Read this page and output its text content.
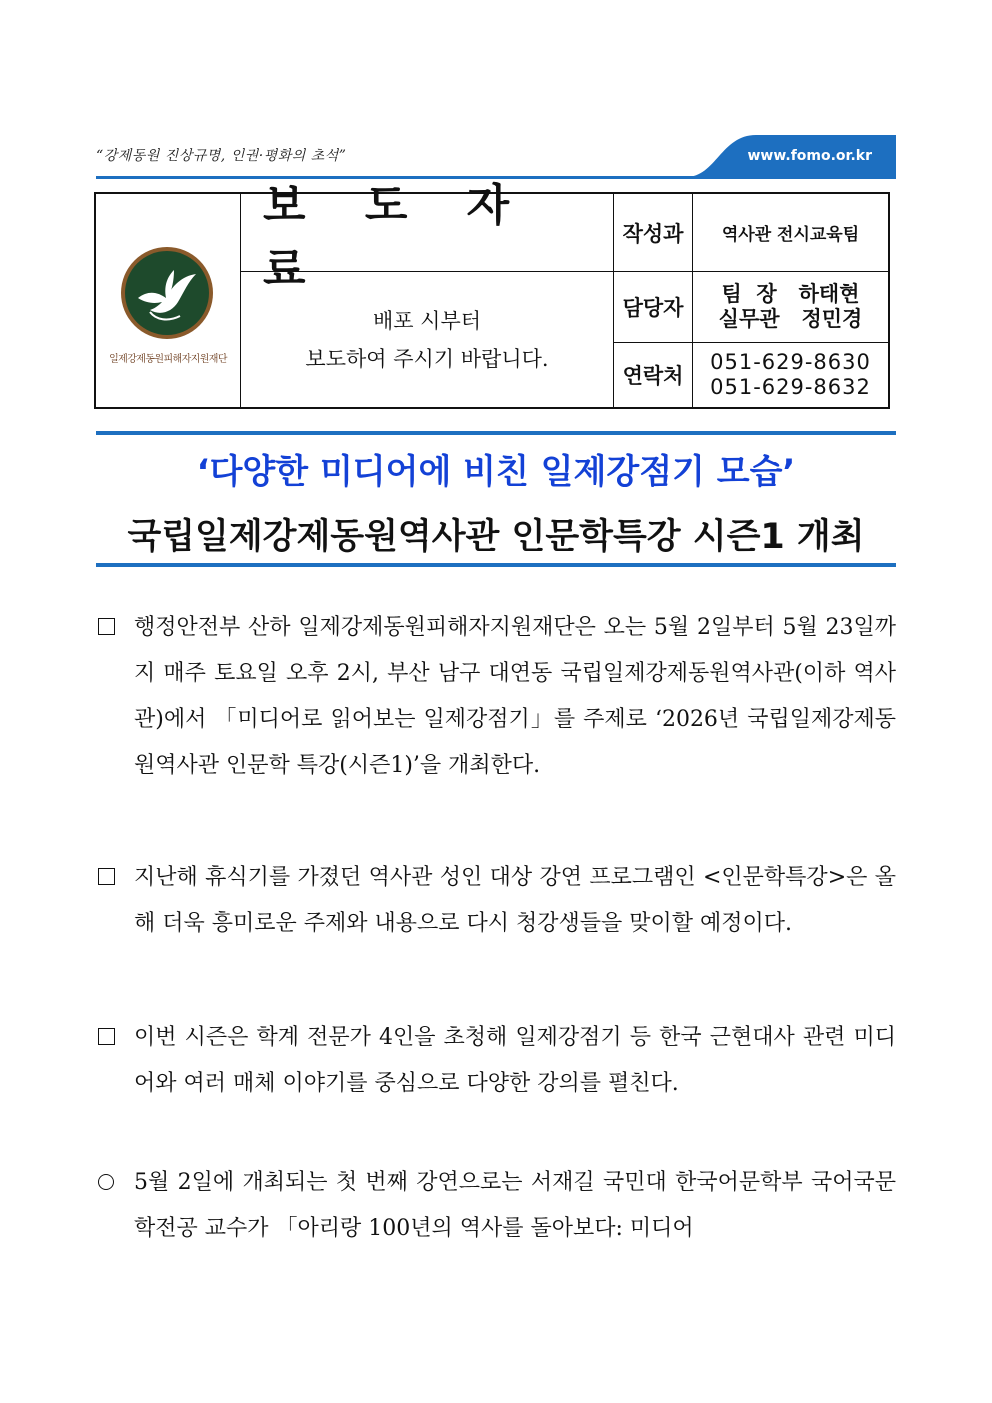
“강제동원 진상규명, 인권·평화의 초석”	www.fomo.or.kr
일제강제동원피해자지원재단
보 도 자 료
배포 시부터
보도하여 주시기 바랍니다.
작성과	역사관 전시교육팀
담당자
팀  장   하태현
실무관   정민경
연락처
051-629-8630
051-629-8632
‘다양한 미디어에 비친 일제강점기 모습’
국립일제강제동원역사관 인문학특강 시즌1 개최
행정안전부 산하 일제강제동원피해자지원재단은 오는 5월 2일부터 5월 23일까지 매주 토요일 오후 2시, 부산 남구 대연동 국립일제강제동원역사관(이하 역사관)에서 「미디어로 읽어보는 일제강점기」를 주제로 ‘2026년 국립일제강제동원역사관 인문학 특강(시즌1)’을 개최한다.
지난해 휴식기를 가졌던 역사관 성인 대상 강연 프로그램인 <인문학특강>은 올해 더욱 흥미로운 주제와 내용으로 다시 청강생들을 맞이할 예정이다.
이번 시즌은 학계 전문가 4인을 초청해 일제강점기 등 한국 근현대사 관련 미디어와 여러 매체 이야기를 중심으로 다양한 강의를 펼친다.
5월 2일에 개최되는 첫 번째 강연으로는 서재길 국민대 한국어문학부 국어국문학전공 교수가 「아리랑 100년의 역사를 돌아보다: 미디어
